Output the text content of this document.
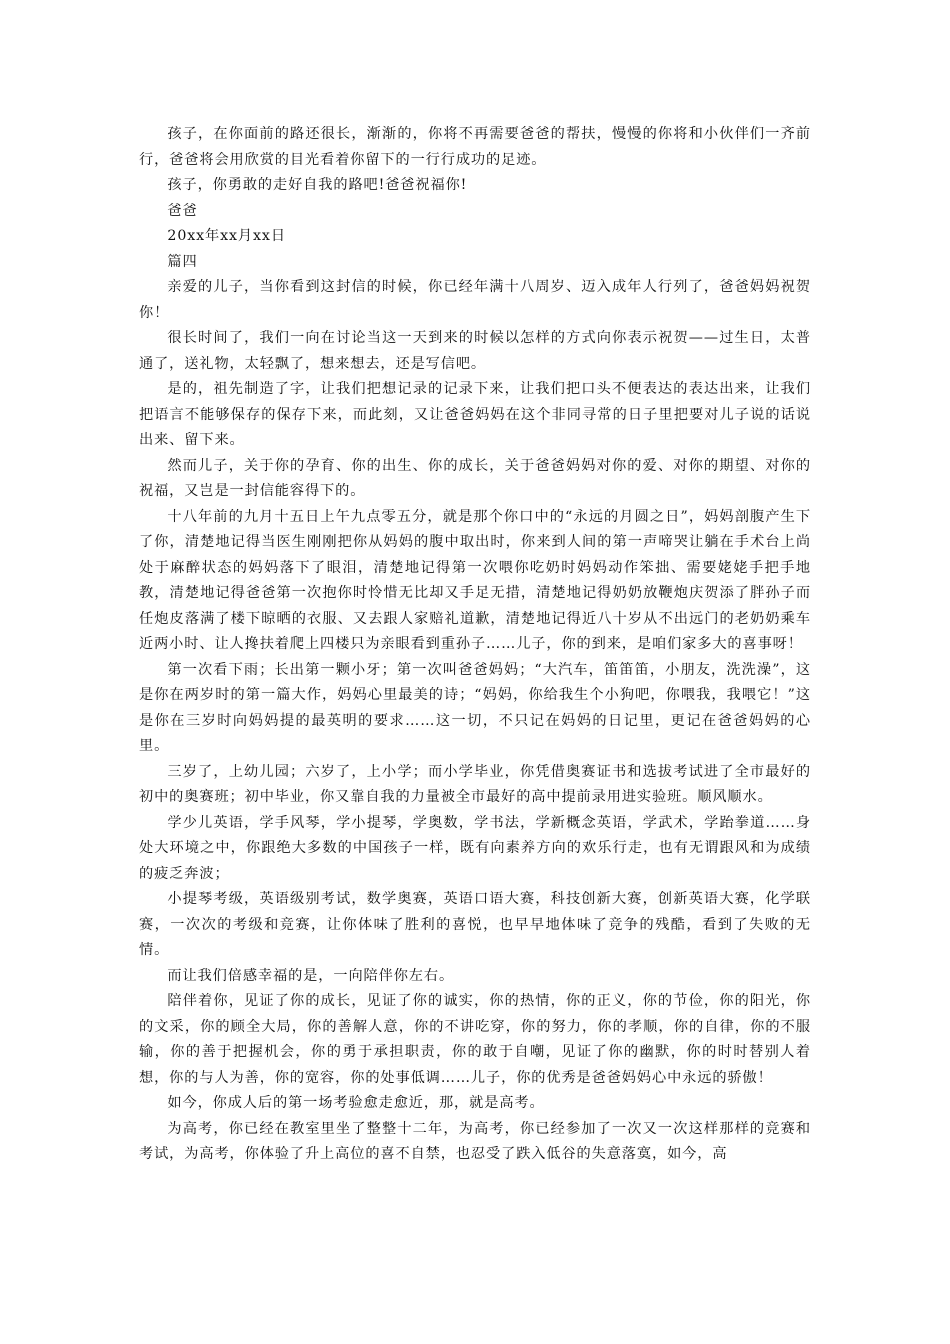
孩子，在你面前的路还很长，渐渐的，你将不再需要爸爸的帮扶，慢慢的你将和小伙伴们一齐前行，爸爸将会用欣赏的目光看着你留下的一行行成功的足迹。

孩子，你勇敢的走好自我的路吧!爸爸祝福你!

爸爸

20xx年xx月xx日

篇四

亲爱的儿子，当你看到这封信的时候，你已经年满十八周岁、迈入成年人行列了，爸爸妈妈祝贺你！

很长时间了，我们一向在讨论当这一天到来的时候以怎样的方式向你表示祝贺——过生日，太普通了，送礼物，太轻飘了，想来想去，还是写信吧。

是的，祖先制造了字，让我们把想记录的记录下来，让我们把口头不便表达的表达出来，让我们把语言不能够保存的保存下来，而此刻，又让爸爸妈妈在这个非同寻常的日子里把要对儿子说的话说出来、留下来。

然而儿子，关于你的孕育、你的出生、你的成长，关于爸爸妈妈对你的爱、对你的期望、对你的祝福，又岂是一封信能容得下的。

十八年前的九月十五日上午九点零五分，就是那个你口中的“永远的月圆之日”，妈妈剖腹产生下了你，清楚地记得当医生刚刚把你从妈妈的腹中取出时，你来到人间的第一声啼哭让躺在手术台上尚处于麻醉状态的妈妈落下了眼泪，清楚地记得第一次喂你吃奶时妈妈动作笨拙、需要姥姥手把手地教，清楚地记得爸爸第一次抱你时怜惜无比却又手足无措，清楚地记得奶奶放鞭炮庆贺添了胖孙子而任炮皮落满了楼下晾晒的衣服、又去跟人家赔礼道歉，清楚地记得近八十岁从不出远门的老奶奶乘车近两小时、让人搀扶着爬上四楼只为亲眼看到重孙子……儿子，你的到来，是咱们家多大的喜事呀！

第一次看下雨；长出第一颗小牙；第一次叫爸爸妈妈；“大汽车，笛笛笛，小朋友，洗洗澡”，这是你在两岁时的第一篇大作，妈妈心里最美的诗；“妈妈，你给我生个小狗吧，你喂我，我喂它！”这是你在三岁时向妈妈提的最英明的要求……这一切，不只记在妈妈的日记里，更记在爸爸妈妈的心里。

三岁了，上幼儿园；六岁了，上小学；而小学毕业，你凭借奥赛证书和选拔考试进了全市最好的初中的奥赛班；初中毕业，你又靠自我的力量被全市最好的高中提前录用进实验班。顺风顺水。

学少儿英语，学手风琴，学小提琴，学奥数，学书法，学新概念英语，学武术，学跆拳道……身处大环境之中，你跟绝大多数的中国孩子一样，既有向素养方向的欢乐行走，也有无谓跟风和为成绩的疲乏奔波；

小提琴考级，英语级别考试，数学奥赛，英语口语大赛，科技创新大赛，创新英语大赛，化学联赛，一次次的考级和竞赛，让你体味了胜利的喜悦，也早早地体味了竞争的残酷，看到了失败的无情。

而让我们倍感幸福的是，一向陪伴你左右。

陪伴着你，见证了你的成长，见证了你的诚实，你的热情，你的正义，你的节俭，你的阳光，你的文采，你的顾全大局，你的善解人意，你的不讲吃穿，你的努力，你的孝顺，你的自律，你的不服输，你的善于把握机会，你的勇于承担职责，你的敢于自嘲，见证了你的幽默，你的时时替别人着想，你的与人为善，你的宽容，你的处事低调……儿子，你的优秀是爸爸妈妈心中永远的骄傲！

如今，你成人后的第一场考验愈走愈近，那，就是高考。

为高考，你已经在教室里坐了整整十二年，为高考，你已经参加了一次又一次这样那样的竞赛和考试，为高考，你体验了升上高位的喜不自禁，也忍受了跌入低谷的失意落寞，如今，高
